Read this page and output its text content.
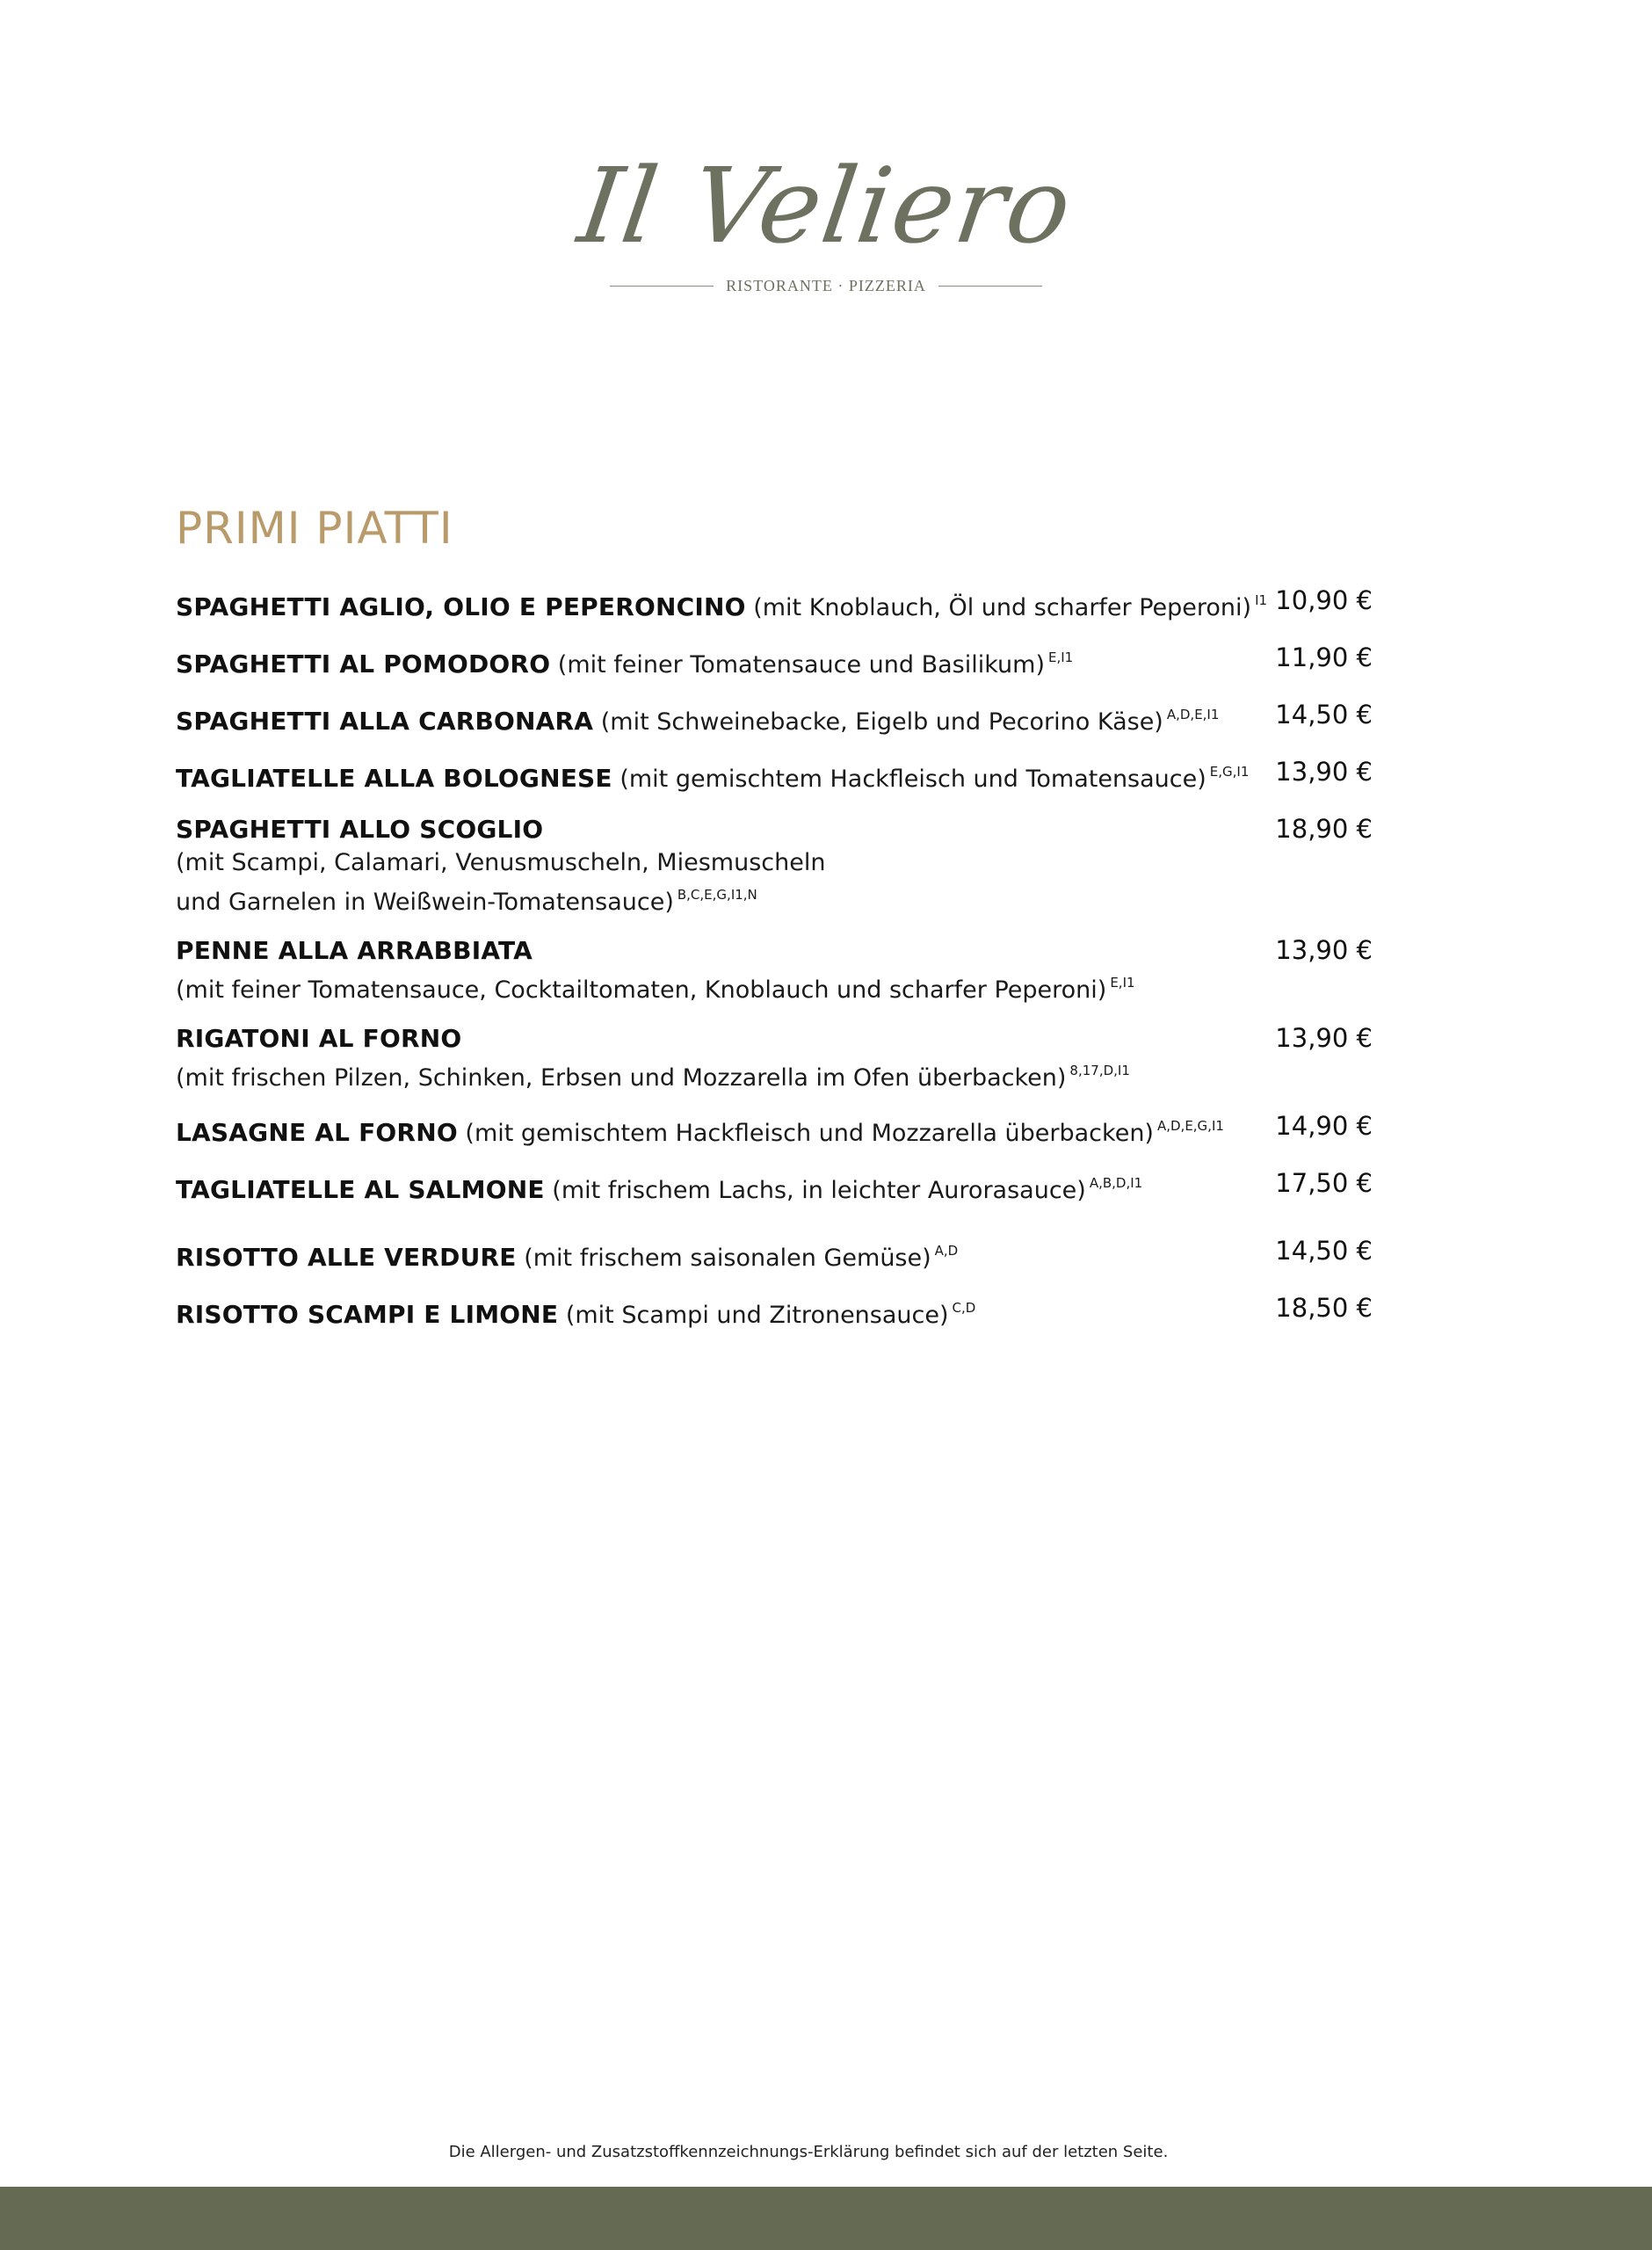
Il Veliero
RISTORANTE · PIZZERIA
PRIMI PIATTI
SPAGHETTI AGLIO, OLIO E PEPERONCINO (mit Knoblauch, Öl und scharfer Peperoni) $^{I1}$ 10,90 €
SPAGHETTI AL POMODORO (mit feiner Tomatensauce und Basilikum) $^{E,I1}$	11,90 €
SPAGHETTI ALLA CARBONARA (mit Schweinebacke, Eigelb und Pecorino Käse) $^{A,D,E,I1}$ 14,50 €
TAGLIATELLE ALLA BOLOGNESE (mit gemischtem Hackfleisch und Tomatensauce) $^{E,G,I1}$ 13,90 €
SPAGHETTI ALLO SCOGLIO
(mit Scampi, Calamari, Venusmuscheln, Miesmuscheln
und Garnelen in Weißwein-Tomatensauce) $^{B,C,E,G,I1,N}$
18,90 €
PENNE ALLA ARRABBIATA
(mit feiner Tomatensauce, Cocktailtomaten, Knoblauch und scharfer Peperoni) $^{E,I1}$
13,90 €
RIGATONI AL FORNO
(mit frischen Pilzen, Schinken, Erbsen und Mozzarella im Ofen überbacken) $^{8,17,D,I1}$
13,90 €
LASAGNE AL FORNO (mit gemischtem Hackfleisch und Mozzarella überbacken) $^{A,D,E,G,I1}$ 14,90 €
TAGLIATELLE AL SALMONE (mit frischem Lachs, in leichter Aurorasauce) $^{A,B,D,I1}$	17,50 €
RISOTTO ALLE VERDURE (mit frischem saisonalen Gemüse) $^{A,D}$	14,50 €
RISOTTO SCAMPI E LIMONE (mit Scampi und Zitronensauce) $^{C,D}$	18,50 €

Die Allergen- und Zusatzstoffkennzeichnungs-Erklärung befindet sich auf der letzten Seite.
